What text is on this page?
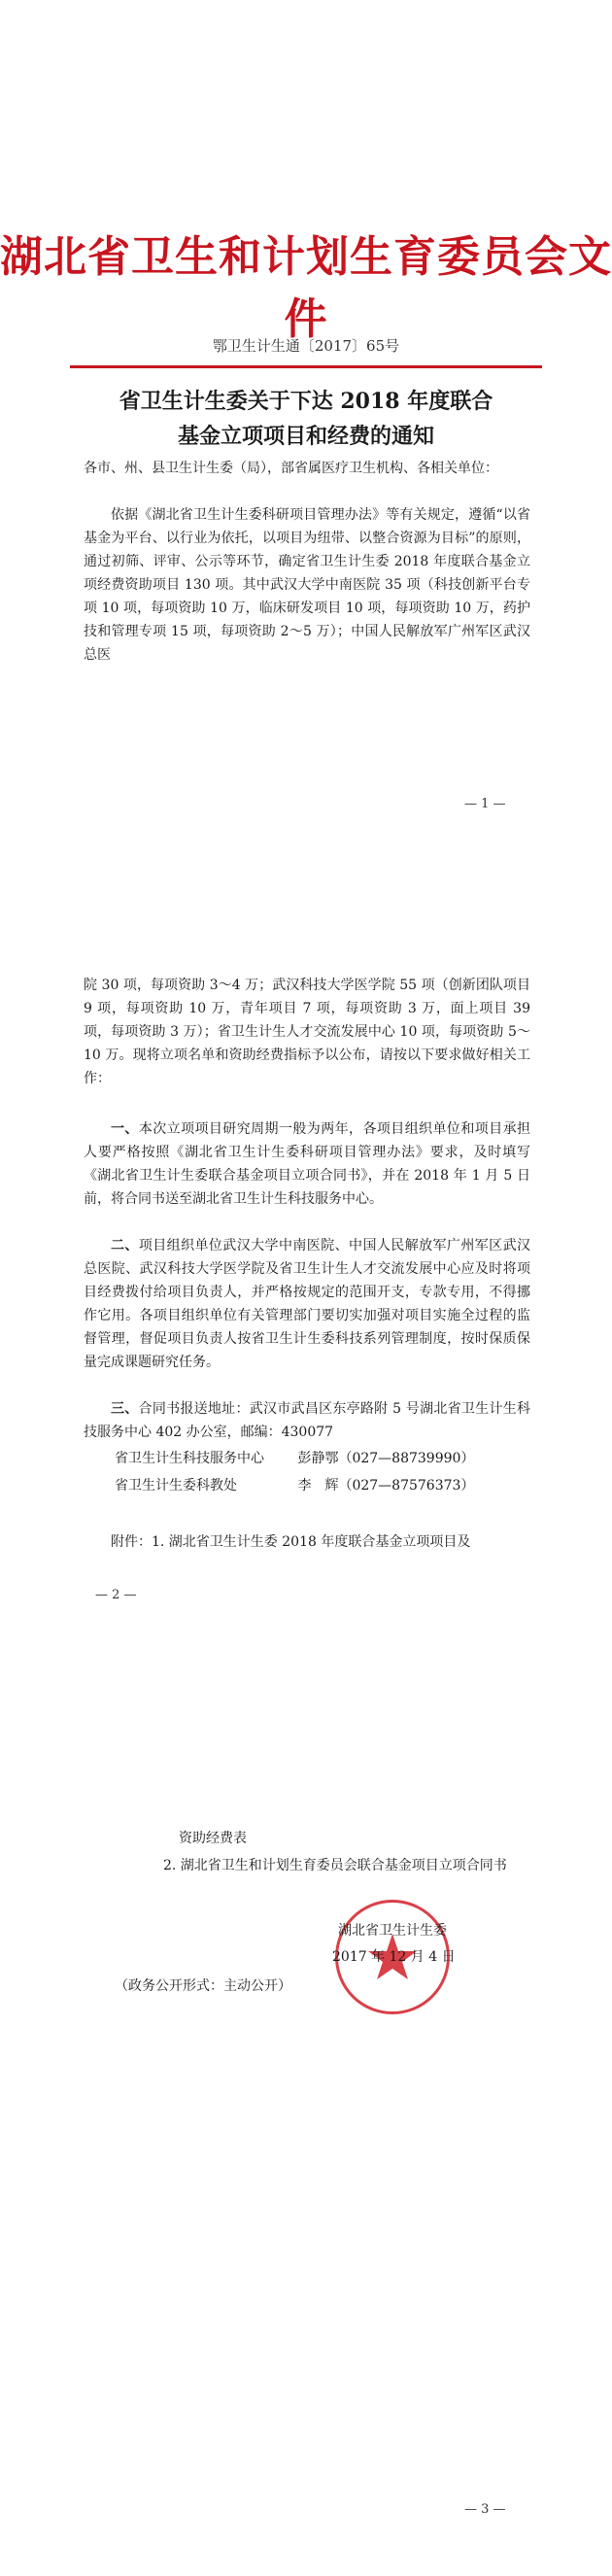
湖北省卫生和计划生育委员会文件
鄂卫生计生通〔2017〕65号
省卫生计生委关于下达 2018 年度联合
基金立项项目和经费的通知
各市、州、县卫生计生委（局），部省属医疗卫生机构、各相关单位：
依据《湖北省卫生计生委科研项目管理办法》等有关规定，遵循“以省基金为平台、以行业为依托，以项目为纽带、以整合资源为目标”的原则，通过初筛、评审、公示等环节，确定省卫生计生委 2018 年度联合基金立项经费资助项目 130 项。其中武汉大学中南医院 35 项（科技创新平台专项 10 项，每项资助 10 万，临床研发项目 10 项，每项资助 10 万，药护技和管理专项 15 项，每项资助 2～5 万）；中国人民解放军广州军区武汉总医
— 1 —
院 30 项，每项资助 3～4 万；武汉科技大学医学院 55 项（创新团队项目 9 项，每项资助 10 万，青年项目 7 项，每项资助 3 万，面上项目 39 项，每项资助 3 万）；省卫生计生人才交流发展中心 10 项，每项资助 5～10 万。现将立项名单和资助经费指标予以公布，请按以下要求做好相关工作：
一、本次立项项目研究周期一般为两年，各项目组织单位和项目承担人要严格按照《湖北省卫生计生委科研项目管理办法》要求，及时填写《湖北省卫生计生委联合基金项目立项合同书》，并在 2018 年 1 月 5 日前，将合同书送至湖北省卫生计生科技服务中心。
二、项目组织单位武汉大学中南医院、中国人民解放军广州军区武汉总医院、武汉科技大学医学院及省卫生计生人才交流发展中心应及时将项目经费拨付给项目负责人，并严格按规定的范围开支，专款专用，不得挪作它用。各项目组织单位有关管理部门要切实加强对项目实施全过程的监督管理，督促项目负责人按省卫生计生委科技系列管理制度，按时保质保量完成课题研究任务。
三、合同书报送地址：武汉市武昌区东亭路附 5 号湖北省卫生计生科技服务中心 402 办公室，邮编：430077
省卫生计生科技服务中心 彭静鄂（027—88739990）
省卫生计生委科教处	李　辉（027—87576373）
附件：1. 湖北省卫生计生委 2018 年度联合基金立项项目及
— 2 —
资助经费表
2. 湖北省卫生和计划生育委员会联合基金项目立项合同书
湖北省卫生计生委
2017 年 12 月 4 日
（政务公开形式：主动公开）
— 3 —
